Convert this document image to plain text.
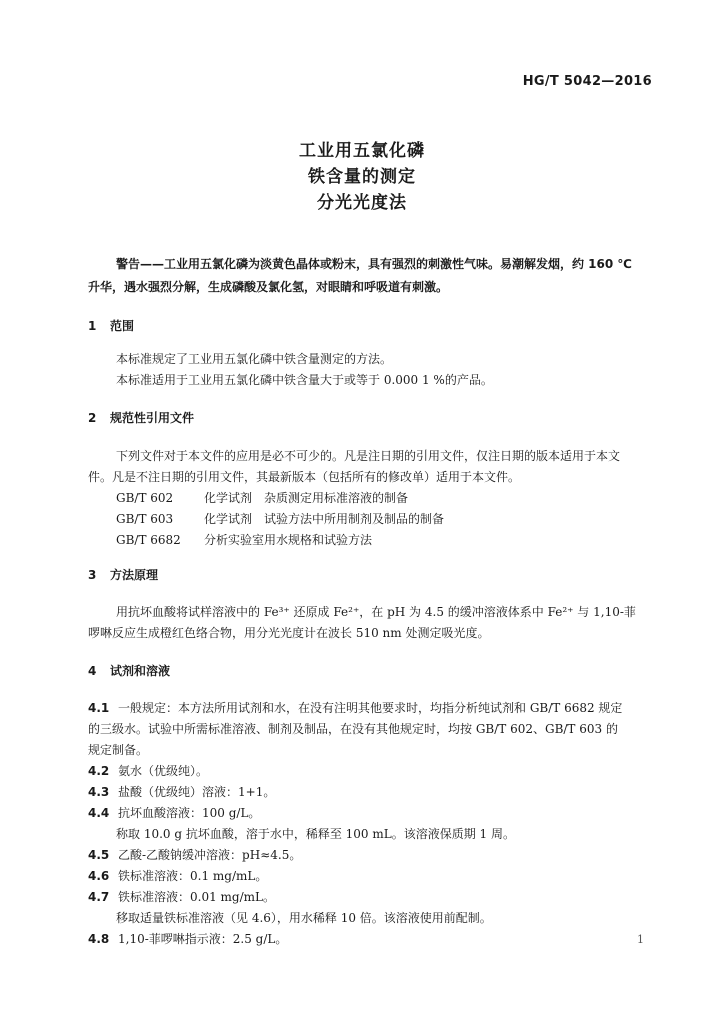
HG/T 5042—2016
工业用五氯化磷
铁含量的测定
分光光度法
警告——工业用五氯化磷为淡黄色晶体或粉末，具有强烈的刺激性气味。易潮解发烟，约 160 ℃
升华，遇水强烈分解，生成磷酸及氯化氢，对眼睛和呼吸道有刺激。
1 范围
本标准规定了工业用五氯化磷中铁含量测定的方法。
本标准适用于工业用五氯化磷中铁含量大于或等于 0.000 1 %的产品。
2 规范性引用文件
下列文件对于本文件的应用是必不可少的。凡是注日期的引用文件，仅注日期的版本适用于本文
件。凡是不注日期的引用文件，其最新版本（包括所有的修改单）适用于本文件。
GB/T 602	化学试剂　杂质测定用标准溶液的制备
GB/T 603	化学试剂　试验方法中所用制剂及制品的制备
GB/T 6682 分析实验室用水规格和试验方法
3 方法原理
用抗坏血酸将试样溶液中的 Fe³⁺ 还原成 Fe²⁺，在 pH 为 4.5 的缓冲溶液体系中 Fe²⁺ 与 1,10-菲
啰啉反应生成橙红色络合物，用分光光度计在波长 510 nm 处测定吸光度。
4 试剂和溶液
4.1 一般规定：本方法所用试剂和水，在没有注明其他要求时，均指分析纯试剂和 GB/T 6682 规定
的三级水。试验中所需标准溶液、制剂及制品，在没有其他规定时，均按 GB/T 602、GB/T 603 的
规定制备。
4.2 氨水（优级纯）。
4.3 盐酸（优级纯）溶液：1+1。
4.4 抗坏血酸溶液：100 g/L。
称取 10.0 g 抗坏血酸，溶于水中，稀释至 100 mL。该溶液保质期 1 周。
4.5 乙酸-乙酸钠缓冲溶液：pH≈4.5。
4.6 铁标准溶液：0.1 mg/mL。
4.7 铁标准溶液：0.01 mg/mL。
移取适量铁标准溶液（见 4.6），用水稀释 10 倍。该溶液使用前配制。
4.8 1,10-菲啰啉指示液：2.5 g/L。	1
